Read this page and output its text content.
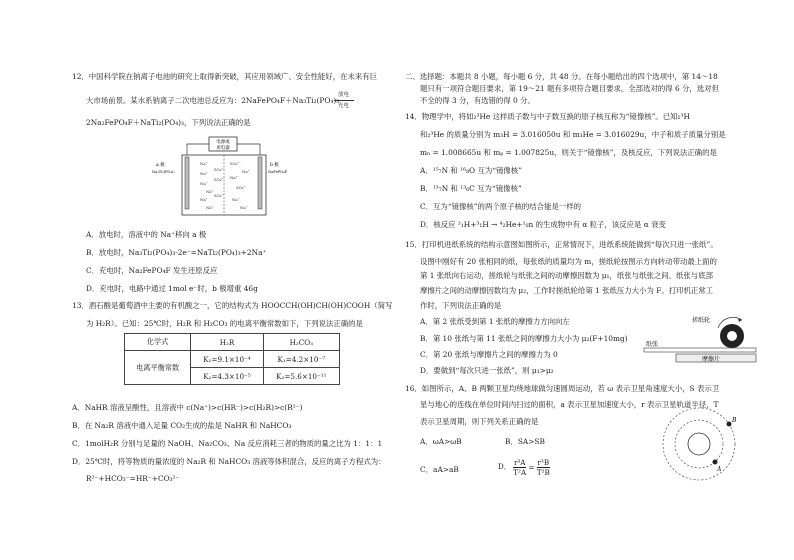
12．中国科学院在钠离子电池的研究上取得新突破，其应用领域广、安全性能好，在未来有巨
大市场前景。某水系钠离子二次电池总反应为：2NaFePO₄F＋Na₃Ti₂(PO₄)₃
放电
充电
2Na₂FePO₄F＋NaTi₂(PO₄)₃，下列说法正确的是
电源或
用电器
a 极
Na₃Ti₂(PO₄)₃
b 极
NaFePO₄F
Na⁺
Na⁺
Na⁺
Na⁺
Na⁺
Na⁺
SO₄²⁻
SO₄²⁻
SO₄²⁻
SO₄²⁻
Na⁺
SO₄²⁻
Na⁺
Na⁺
Na⁺
A．放电时，溶液中的 Na⁺移向 a 极
B．放电时，Na₃Ti₂(PO₄)₃-2e⁻=NaTi₂(PO₄)₃+2Na⁺
C．充电时，Na₂FePO₄F 发生还原反应
D．充电时，电路中通过 1mol e⁻时，b 极增重 46g
13．酒石酸是葡萄酒中主要的有机酸之一，它的结构式为 HOOCCH(OH)CH(OH)COOH（简写
为 H₂R）。已知：25℃时，H₂R 和 H₂CO₃ 的电离平衡常数如下，下列说法正确的是
化学式	H₂R	H₂CO₃
电离平衡常数	K₁=9.1×10⁻⁴	K₁=4.2×10⁻⁷
	K₂=4.3×10⁻⁵	K₂=5.6×10⁻¹¹
A．NaHR 溶液呈酸性，且溶液中 c(Na⁺)>c(HR⁻)>c(H₂R)>c(R²⁻)
B．在 Na₂R 溶液中通入足量 CO₂生成的盐是 NaHR 和 NaHCO₃
C．1molH₂R 分别与足量的 NaOH、Na₂CO₃、Na 反应消耗三者的物质的量之比为 1：1：1
D．25℃时，将等物质的量浓度的 Na₂R 和 NaHCO₃ 溶液等体积混合，反应的离子方程式为：
R²⁻+HCO₃⁻=HR⁻+CO₃²⁻
二、选择题：本题共 8 小题，每小题 6 分，共 48 分。在每小题给出的四个选项中，第 14～18
题只有一项符合题目要求，第 19～21 题有多项符合题目要求。全部选对的得 6 分，选对但
不全的得 3 分，有选错的得 0 分。
14．物理学中，将如₂³He 这样质子数与中子数互换的原子核互称为“镜像核”。已知₁³H
和₂³He 的质量分别为 m₃H = 3.016050u 和 m₃He = 3.016029u，中子和质子质量分别是
mₙ = 1.008665u 和 mₚ = 1.007825u，则关于“镜像核”，及核反应，下列说法正确的是
A．¹⁵₇N 和 ¹⁶₈O 互为“镜像核”
B．¹³₇N 和 ¹³₆C 互为“镜像核”
C．互为“镜像核”的两个原子核的结合能是一样的
D．核反应 ²₁H+³₁H → ⁴₂He+¹₀n 的生成物中有 α 粒子，该反应是 α 衰变
15．打印机进纸系统的结构示意图如图所示，正常情况下，进纸系统能做到“每次只进一张纸”。
设图中刚好有 20 张相同的纸，每张纸的质量均为 m，搓纸轮按图示方向转动带动最上面的
第 1 张纸向右运动，搓纸轮与纸张之间的动摩擦因数为 μ₁，纸张与纸张之间、纸张与底部
摩擦片之间的动摩擦因数均为 μ₂，工作时搓纸轮给第 1 张纸压力大小为 F。打印机正常工
作时，下列说法正确的是
A．第 2 张纸受到第 1 张纸的摩擦力方向向左
B．第 10 张纸与第 11 张纸之间的摩擦力大小为 μ₂(F+10mg)
C．第 20 张纸与摩擦片之间的摩擦力为 0
D．要做到“每次只进一张纸”，则 μ₁>μ₂
搓纸轮
纸张
摩擦片
16．如图所示，A、B 两颗卫星均绕地球做匀速圆周运动，若 ω 表示卫星角速度大小，S 表示卫
星与地心的连线在单位时间内扫过的面积，a 表示卫星加速度大小，r 表示卫星轨道半径，T
表示卫星周期，则下列关系正确的是
A．ωA>ωB	B．SA>SB
C．aA>aB	D． $\frac{\text{r³A}}{\text{T²A}} = \frac{\text{r³B}}{\text{T²B}}$	A
B
